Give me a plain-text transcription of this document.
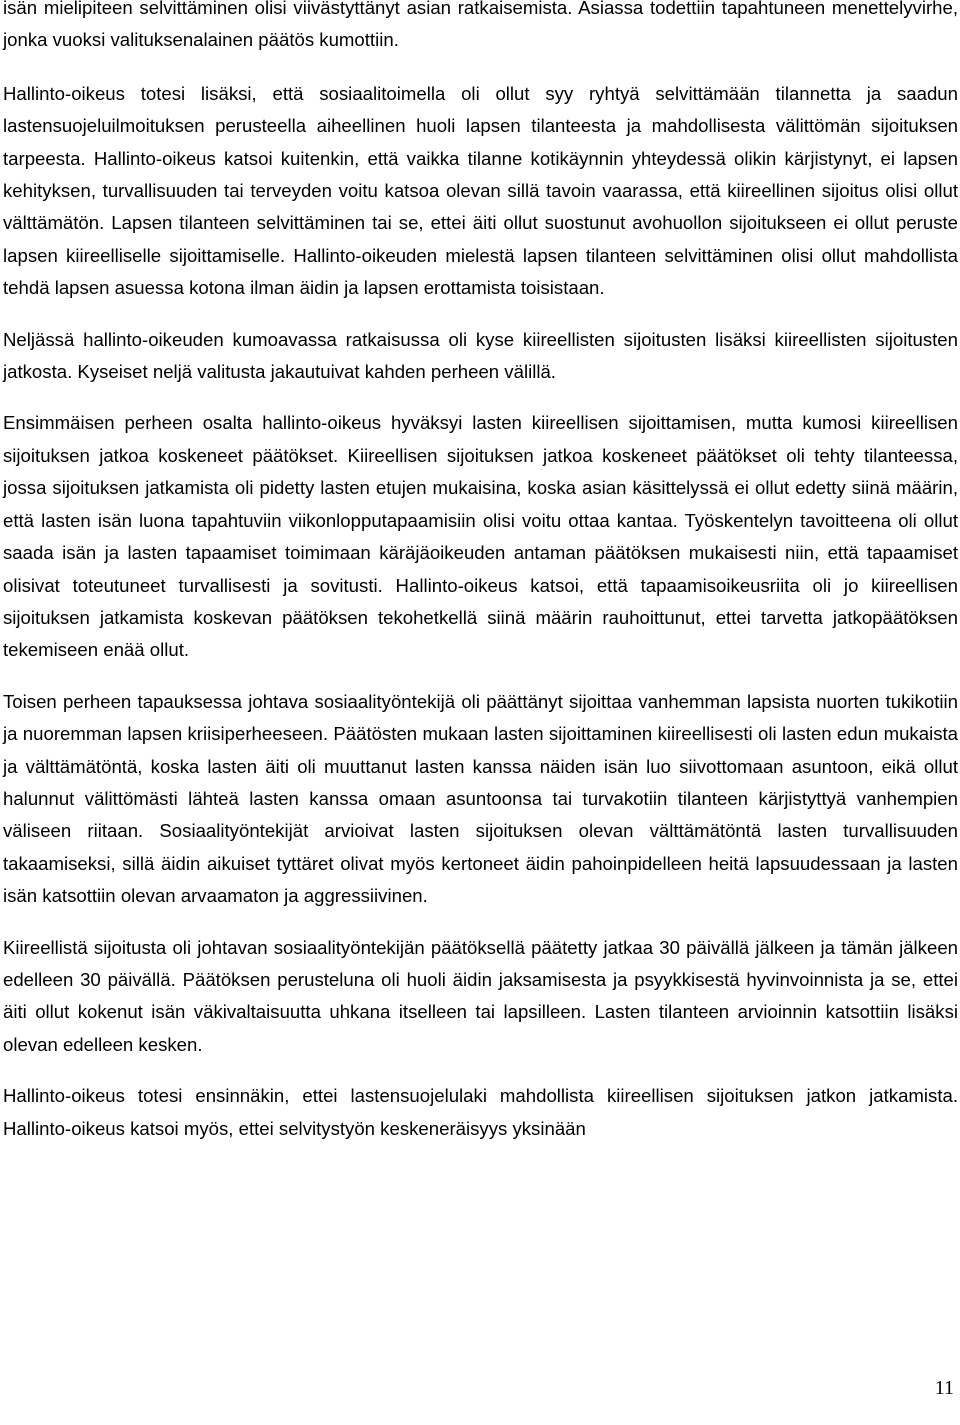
isän mielipiteen selvittäminen olisi viivästyttänyt asian ratkaisemista. Asiassa todettiin tapahtuneen menettelyvirhe, jonka vuoksi valituksenalainen päätös kumottiin.

Hallinto-oikeus totesi lisäksi, että sosiaalitoimella oli ollut syy ryhtyä selvittämään tilannetta ja saadun lastensuojeluilmoituksen perusteella aiheellinen huoli lapsen tilanteesta ja mahdollisesta välittömän sijoituksen tarpeesta. Hallinto-oikeus katsoi kuitenkin, että vaikka tilanne kotikäynnin yhteydessä olikin kärjistynyt, ei lapsen kehityksen, turvallisuuden tai terveyden voitu katsoa olevan sillä tavoin vaarassa, että kiireellinen sijoitus olisi ollut välttämätön. Lapsen tilanteen selvittäminen tai se, ettei äiti ollut suostunut avohuollon sijoitukseen ei ollut peruste lapsen kiireelliselle sijoittamiselle. Hallinto-oikeuden mielestä lapsen tilanteen selvittäminen olisi ollut mahdollista tehdä lapsen asuessa kotona ilman äidin ja lapsen erottamista toisistaan.

Neljässä hallinto-oikeuden kumoavassa ratkaisussa oli kyse kiireellisten sijoitusten lisäksi kiireellisten sijoitusten jatkosta. Kyseiset neljä valitusta jakautuivat kahden perheen välillä.

Ensimmäisen perheen osalta hallinto-oikeus hyväksyi lasten kiireellisen sijoittamisen, mutta kumosi kiireellisen sijoituksen jatkoa koskeneet päätökset. Kiireellisen sijoituksen jatkoa koskeneet päätökset oli tehty tilanteessa, jossa sijoituksen jatkamista oli pidetty lasten etujen mukaisina, koska asian käsittelyssä ei ollut edetty siinä määrin, että lasten isän luona tapahtuviin viikonlopputapaamisiin olisi voitu ottaa kantaa. Työskentelyn tavoitteena oli ollut saada isän ja lasten tapaamiset toimimaan käräjäoikeuden antaman päätöksen mukaisesti niin, että tapaamiset olisivat toteutuneet turvallisesti ja sovitusti. Hallinto-oikeus katsoi, että tapaamisoikeusriita oli jo kiireellisen sijoituksen jatkamista koskevan päätöksen tekohetkellä siinä määrin rauhoittunut, ettei tarvetta jatkopäätöksen tekemiseen enää ollut.

Toisen perheen tapauksessa johtava sosiaalityöntekijä oli päättänyt sijoittaa vanhemman lapsista nuorten tukikotiin ja nuoremman lapsen kriisiperheeseen. Päätösten mukaan lasten sijoittaminen kiireellisesti oli lasten edun mukaista ja välttämätöntä, koska lasten äiti oli muuttanut lasten kanssa näiden isän luo siivottomaan asuntoon, eikä ollut halunnut välittömästi lähteä lasten kanssa omaan asuntoonsa tai turvakotiin tilanteen kärjistyttyä vanhempien väliseen riitaan. Sosiaalityöntekijät arvioivat lasten sijoituksen olevan välttämätöntä lasten turvallisuuden takaamiseksi, sillä äidin aikuiset tyttäret olivat myös kertoneet äidin pahoinpidelleen heitä lapsuudessaan ja lasten isän katsottiin olevan arvaamaton ja aggressiivinen.

Kiireellistä sijoitusta oli johtavan sosiaalityöntekijän päätöksellä päätetty jatkaa 30 päivällä jälkeen ja tämän jälkeen edelleen 30 päivällä. Päätöksen perusteluna oli huoli äidin jaksamisesta ja psyykkisestä hyvinvoinnista ja se, ettei äiti ollut kokenut isän väkivaltaisuutta uhkana itselleen tai lapsilleen. Lasten tilanteen arvioinnin katsottiin lisäksi olevan edelleen kesken.

Hallinto-oikeus totesi ensinnäkin, ettei lastensuojelulaki mahdollista kiireellisen sijoituksen jatkon jatkamista. Hallinto-oikeus katsoi myös, ettei selvitystyön keskeneräisyys yksinään

11
